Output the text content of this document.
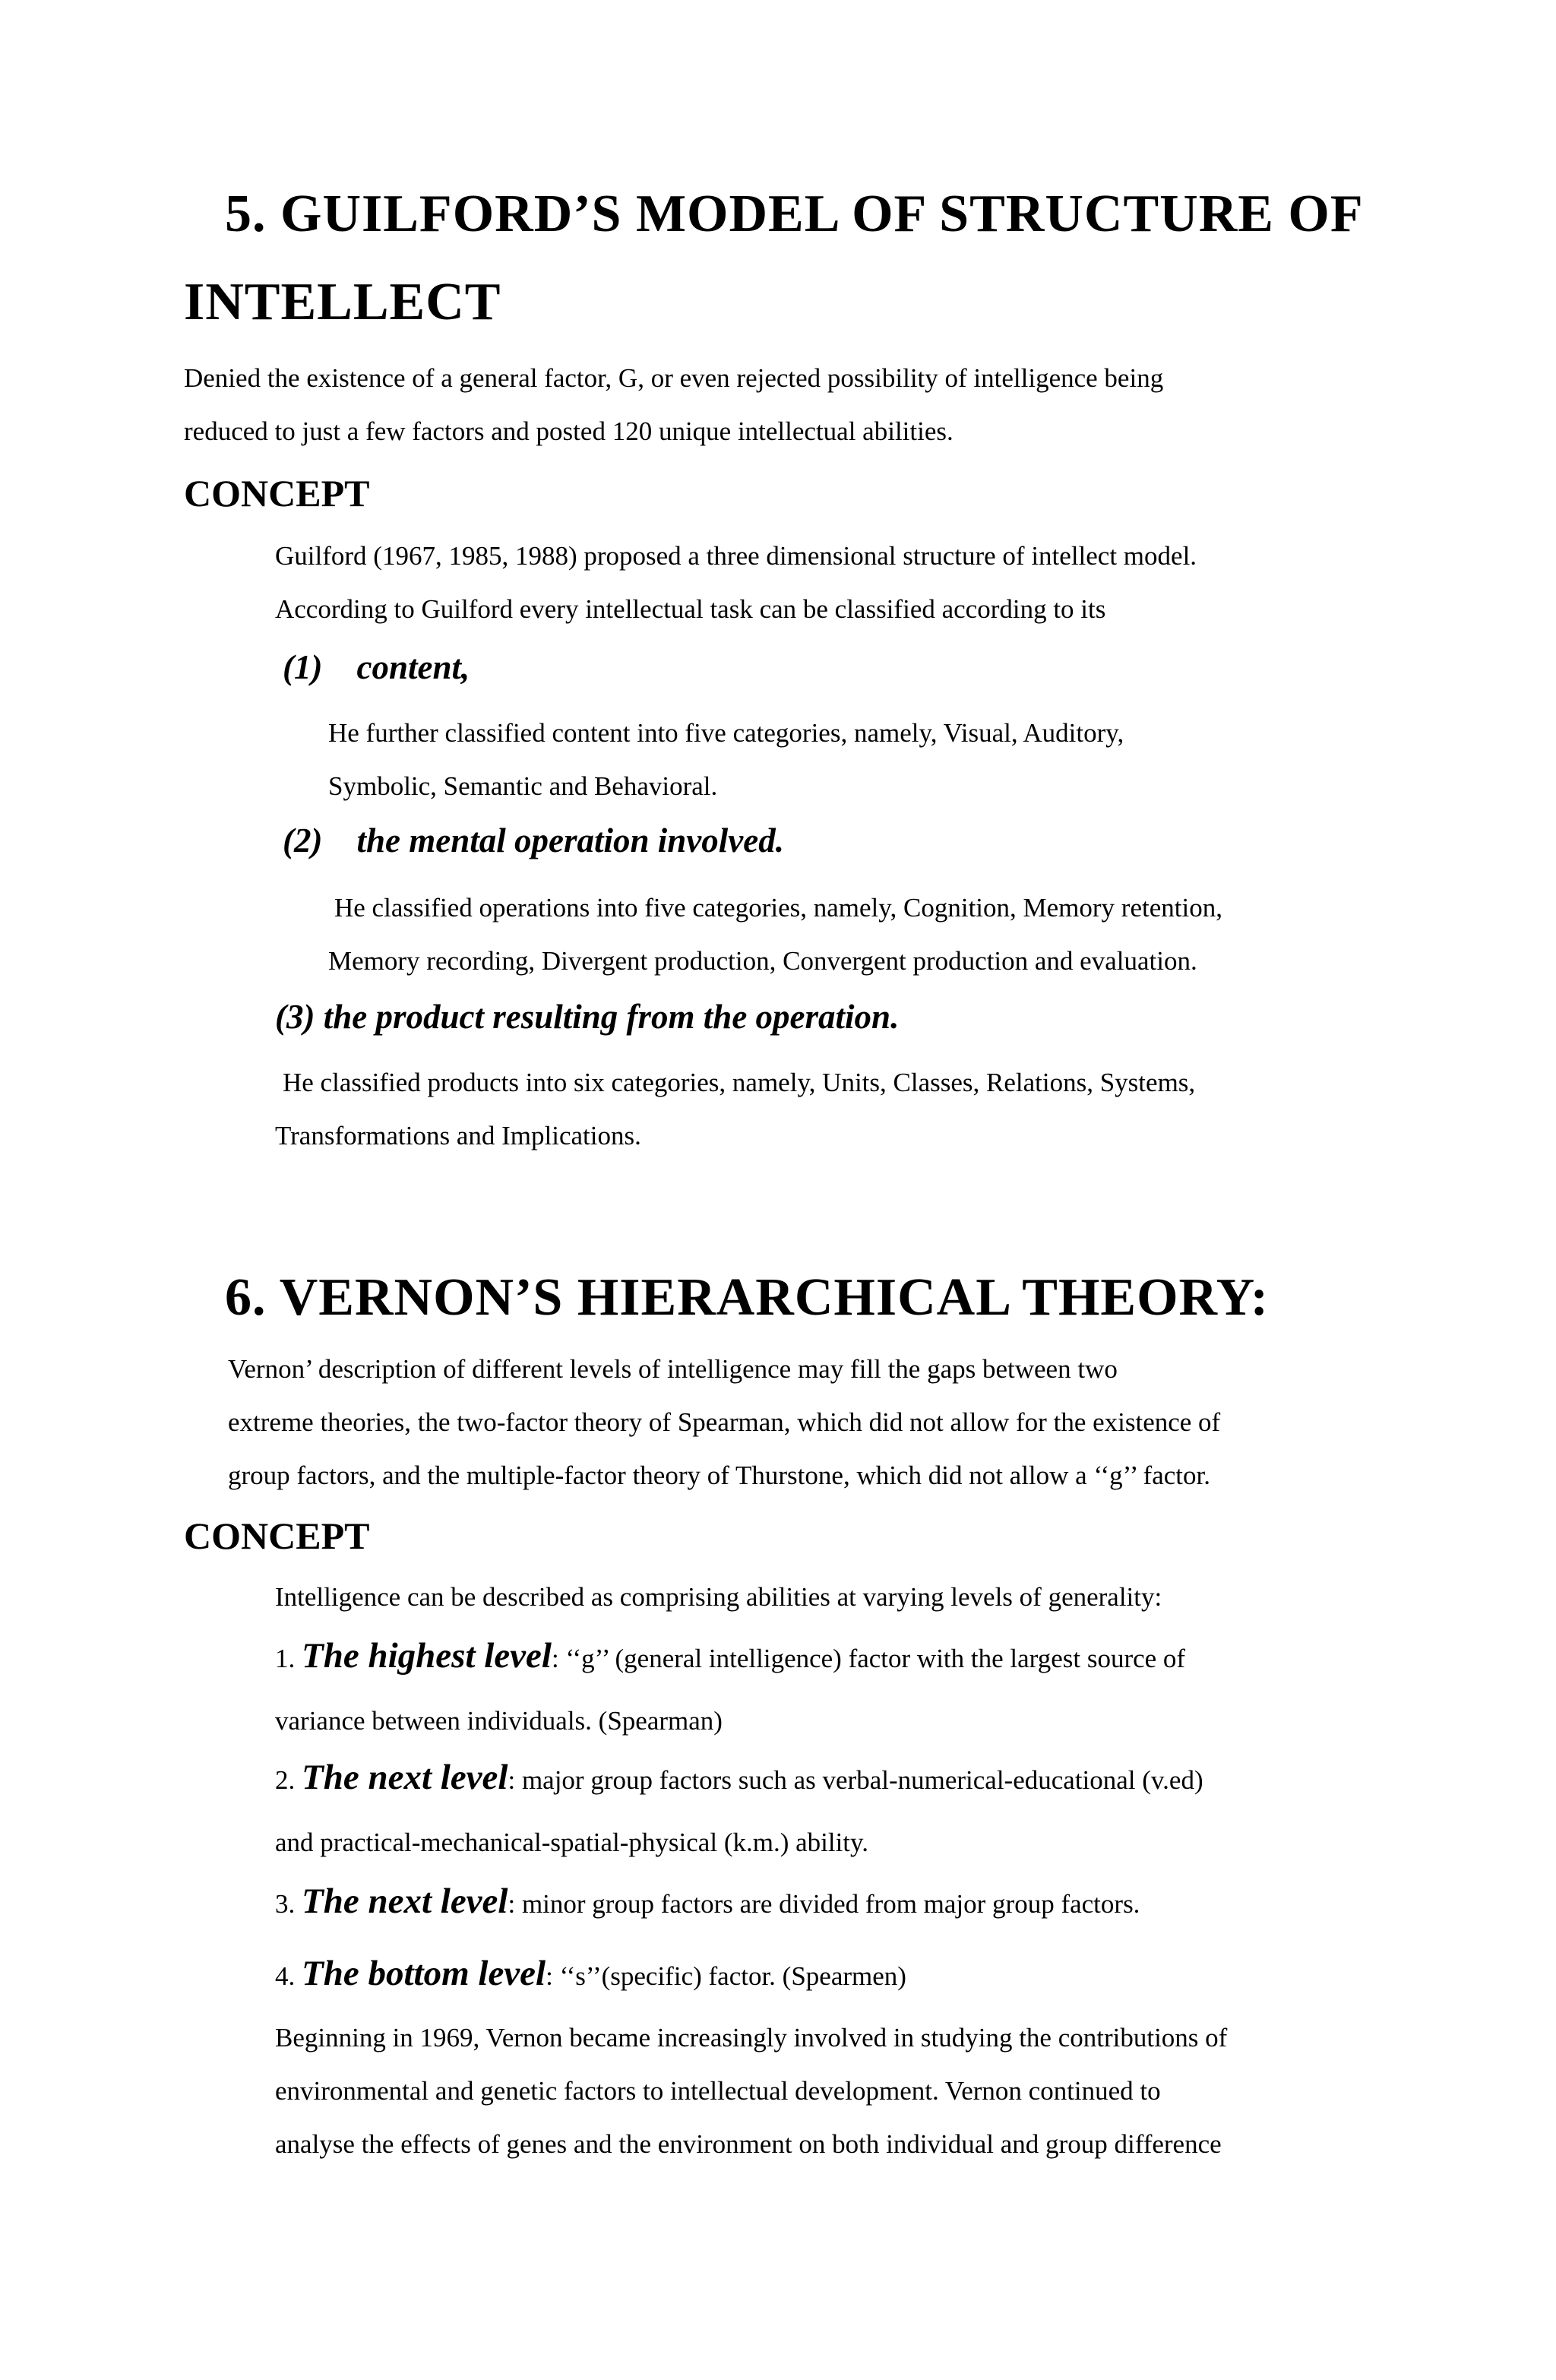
5. GUILFORD’S MODEL OF STRUCTURE OF
INTELLECT
Denied the existence of a general factor, G, or even rejected possibility of intelligence being
reduced to just a few factors and posted 120 unique intellectual abilities.
CONCEPT
Guilford (1967, 1985, 1988) proposed a three dimensional structure of intellect model.
According to Guilford every intellectual task can be classified according to its
(1)    content,
He further classified content into five categories, namely, Visual, Auditory,
Symbolic, Semantic and Behavioral.
(2)    the mental operation involved.
He classified operations into five categories, namely, Cognition, Memory retention,
Memory recording, Divergent production, Convergent production and evaluation.
(3) the product resulting from the operation.
He classified products into six categories, namely, Units, Classes, Relations, Systems,
Transformations and Implications.
6. VERNON’S HIERARCHICAL THEORY:
Vernon’ description of different levels of intelligence may fill the gaps between two
extreme theories, the two-factor theory of Spearman, which did not allow for the existence of
group factors, and the multiple-factor theory of Thurstone, which did not allow a ‘‘g’’ factor.
CONCEPT
Intelligence can be described as comprising abilities at varying levels of generality:
1. The highest level: ‘‘g’’ (general intelligence) factor with the largest source of
variance between individuals. (Spearman)
2. The next level: major group factors such as verbal-numerical-educational (v.ed)
and practical-mechanical-spatial-physical (k.m.) ability.
3. The next level: minor group factors are divided from major group factors.
4. The bottom level: ‘‘s’’(specific) factor. (Spearmen)
Beginning in 1969, Vernon became increasingly involved in studying the contributions of
environmental and genetic factors to intellectual development. Vernon continued to
analyse the effects of genes and the environment on both individual and group difference
